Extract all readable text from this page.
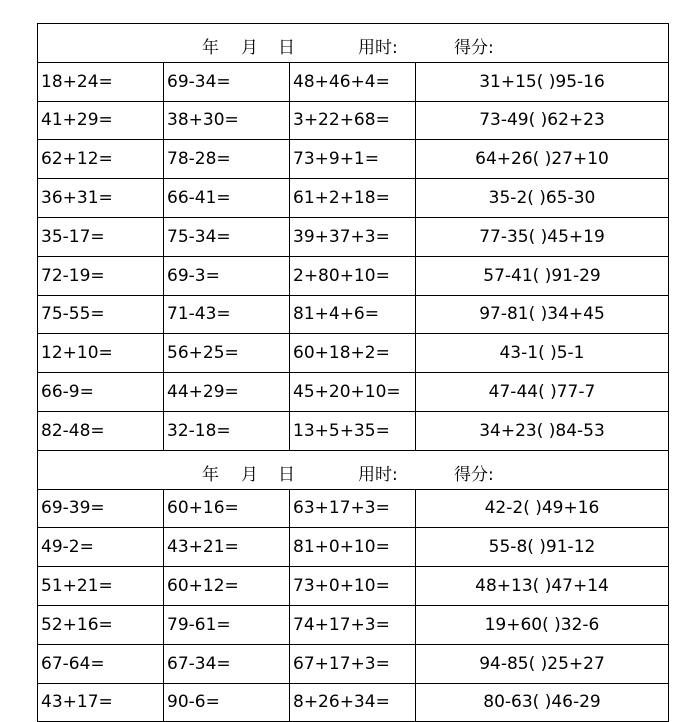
年 月 日 用时: 得分:			

18+24=	69-34=	48+46+4=	31+15( )95-16
41+29=	38+30=	3+22+68=	73-49( )62+23
62+12=	78-28=	73+9+1=	64+26( )27+10
36+31=	66-41=	61+2+18=	35-2( )65-30
35-17=	75-34=	39+37+3=	77-35( )45+19
72-19=	69-3=	2+80+10=	57-41( )91-29
75-55=	71-43=	81+4+6=	97-81( )34+45
12+10=	56+25=	60+18+2=	43-1( )5-1
66-9=	44+29=	45+20+10=	47-44( )77-7
82-48=	32-18=	13+5+35=	34+23( )84-53

年 月 日 用时: 得分:			

69-39=	60+16=	63+17+3=	42-2( )49+16
49-2=	43+21=	81+0+10=	55-8( )91-12
51+21=	60+12=	73+0+10=	48+13( )47+14
52+16=	79-61=	74+17+3=	19+60( )32-6
67-64=	67-34=	67+17+3=	94-85( )25+27
43+17=	90-6=	8+26+34=	80-63( )46-29
